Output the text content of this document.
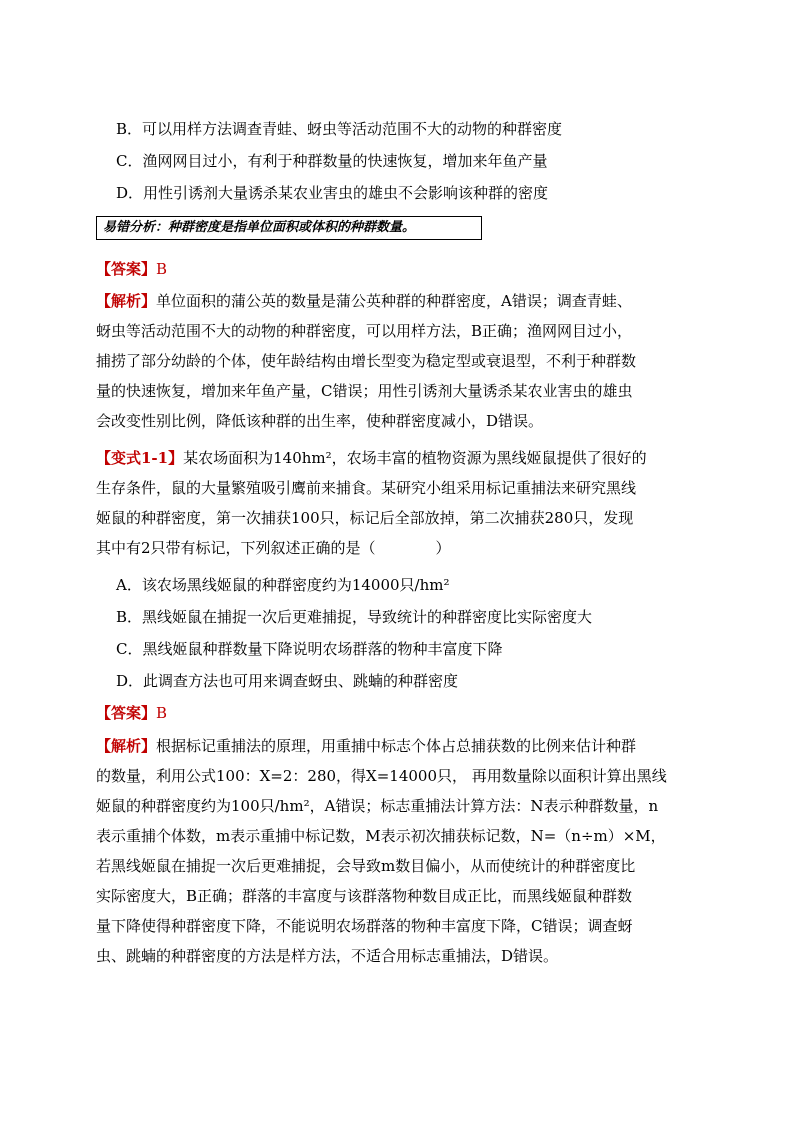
B．可以用样方法调查青蛙、蚜虫等活动范围不大的动物的种群密度
C．渔网网目过小，有利于种群数量的快速恢复，增加来年鱼产量
D．用性引诱剂大量诱杀某农业害虫的雄虫不会影响该种群的密度
易错分析：种群密度是指单位面积或体积的种群数量。
【答案】B
【解析】单位面积的蒲公英的数量是蒲公英种群的种群密度，A错误；调查青蛙、
蚜虫等活动范围不大的动物的种群密度，可以用样方法，B正确；渔网网目过小，
捕捞了部分幼龄的个体，使年龄结构由增长型变为稳定型或衰退型，不利于种群数
量的快速恢复，增加来年鱼产量，C错误；用性引诱剂大量诱杀某农业害虫的雄虫
会改变性别比例，降低该种群的出生率，使种群密度减小，D错误。
【变式1-1】某农场面积为140hm²，农场丰富的植物资源为黑线姬鼠提供了很好的
生存条件，鼠的大量繁殖吸引鹰前来捕食。某研究小组采用标记重捕法来研究黑线
姬鼠的种群密度，第一次捕获100只，标记后全部放掉，第二次捕获280只，发现
其中有2只带有标记，下列叙述正确的是（　　　　）
A．该农场黑线姬鼠的种群密度约为14000只/hm²
B．黑线姬鼠在捕捉一次后更难捕捉，导致统计的种群密度比实际密度大
C．黑线姬鼠种群数量下降说明农场群落的物种丰富度下降
D．此调查方法也可用来调查蚜虫、跳蝻的种群密度
【答案】B
【解析】根据标记重捕法的原理，用重捕中标志个体占总捕获数的比例来估计种群
的数量，利用公式100：X=2：280，得X=14000只， 再用数量除以面积计算出黑线
姬鼠的种群密度约为100只/hm²，A错误；标志重捕法计算方法：N表示种群数量，n
表示重捕个体数，m表示重捕中标记数，M表示初次捕获标记数，N=（n÷m）×M，
若黑线姬鼠在捕捉一次后更难捕捉，会导致m数目偏小，从而使统计的种群密度比
实际密度大，B正确；群落的丰富度与该群落物种数目成正比，而黑线姬鼠种群数
量下降使得种群密度下降，不能说明农场群落的物种丰富度下降，C错误；调查蚜
虫、跳蝻的种群密度的方法是样方法，不适合用标志重捕法，D错误。
